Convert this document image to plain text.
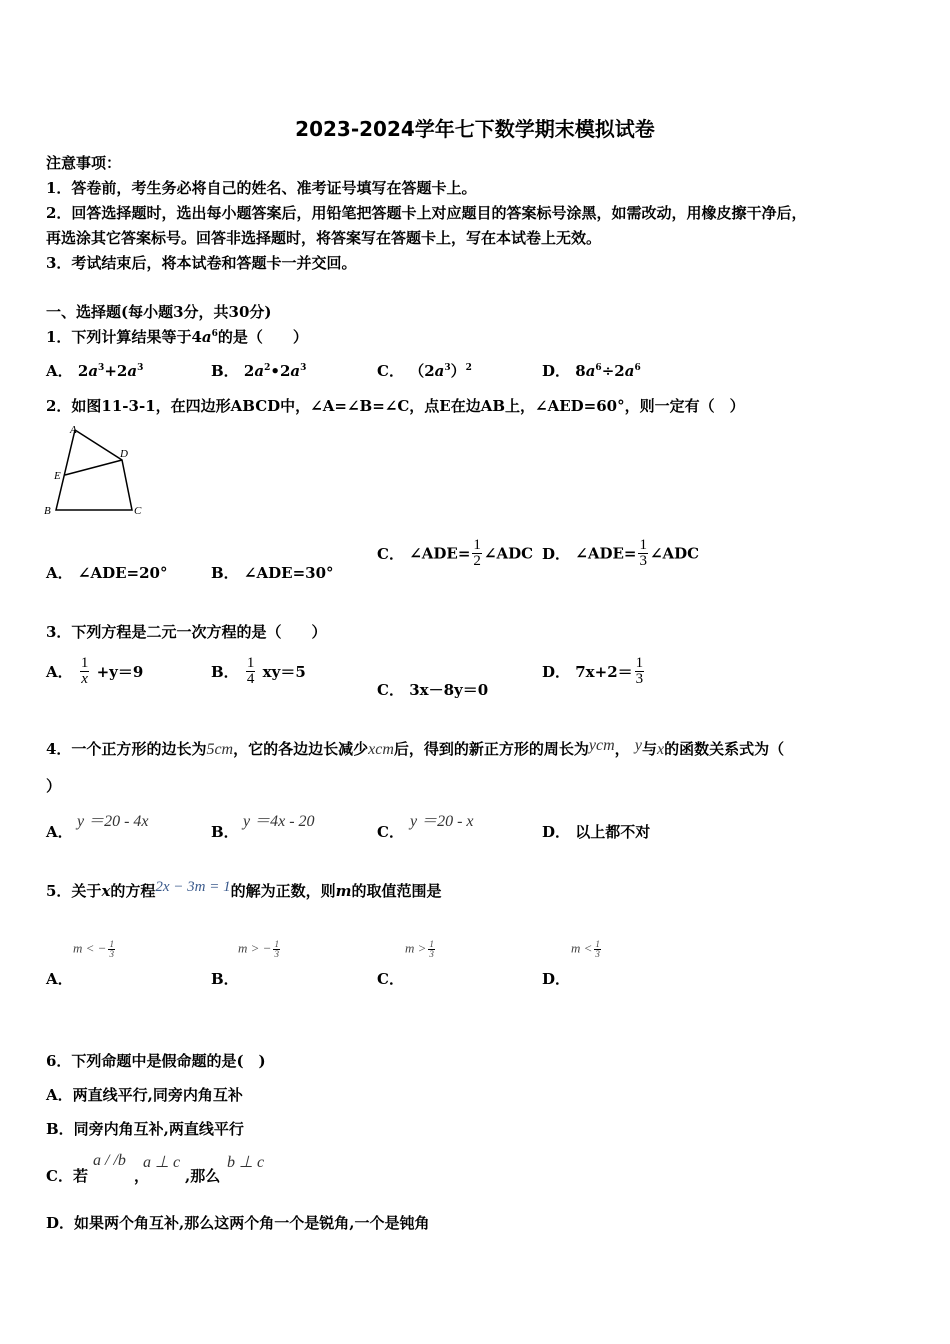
2023-2024学年七下数学期末模拟试卷
注意事项：
1．答卷前，考生务必将自己的姓名、准考证号填写在答题卡上。
2．回答选择题时，选出每小题答案后，用铅笔把答题卡上对应题目的答案标号涂黑，如需改动，用橡皮擦干净后，
再选涂其它答案标号。回答非选择题时，将答案写在答题卡上，写在本试卷上无效。
3．考试结束后，将本试卷和答题卡一并交回。
一、选择题(每小题3分，共30分)
1．下列计算结果等于$4a^6$的是（　　）
A． $2a^3+2a^3$	B． $2a^2•2a^3$	C． $(2a^3)^2$	D． $8a^6\div 2a^6$
2．如图11-3-1，在四边形ABCD中，∠A=∠B=∠C，点E在边AB上，∠AED=60°，则一定有（　）
A
D
E
B	C
A． ∠ADE=20°	B． ∠ADE=30°
C． ∠ADE= $\frac{1}{2}$ ∠ADC D． ∠ADE= $\frac{1}{3}$ ∠ADC
3．下列方程是二元一次方程的是（　　）
A． $\frac{1}{x} +y=9$	B． $\frac{1}{4} xy=5$
C． 3x－8y＝0
D． $7x+2= \frac{1}{3}$
4．一个正方形的边长为5cm，它的各边边长减少xcm后，得到的新正方形的周长为ycm， y与x的函数关系式为（
）
A．
y ＝20 - 4x
B．
y ＝4x - 20
C．
y ＝20 - x
D． 以上都不对
5．关于x的方程2x − 3m = 1的解为正数，则m的取值范围是
m < − $\frac{1}{3}$
A．
m > − $\frac{1}{3}$
B．
$m > \frac{1}{3}$
C．
$m < \frac{1}{3}$
D．
6．下列命题中是假命题的是(　)
A．两直线平行,同旁内角互补
B．同旁内角互补,两直线平行
C．若
a / /b
，
a ⊥ c
,那么
b ⊥ c
D．如果两个角互补,那么这两个角一个是锐角,一个是钝角
